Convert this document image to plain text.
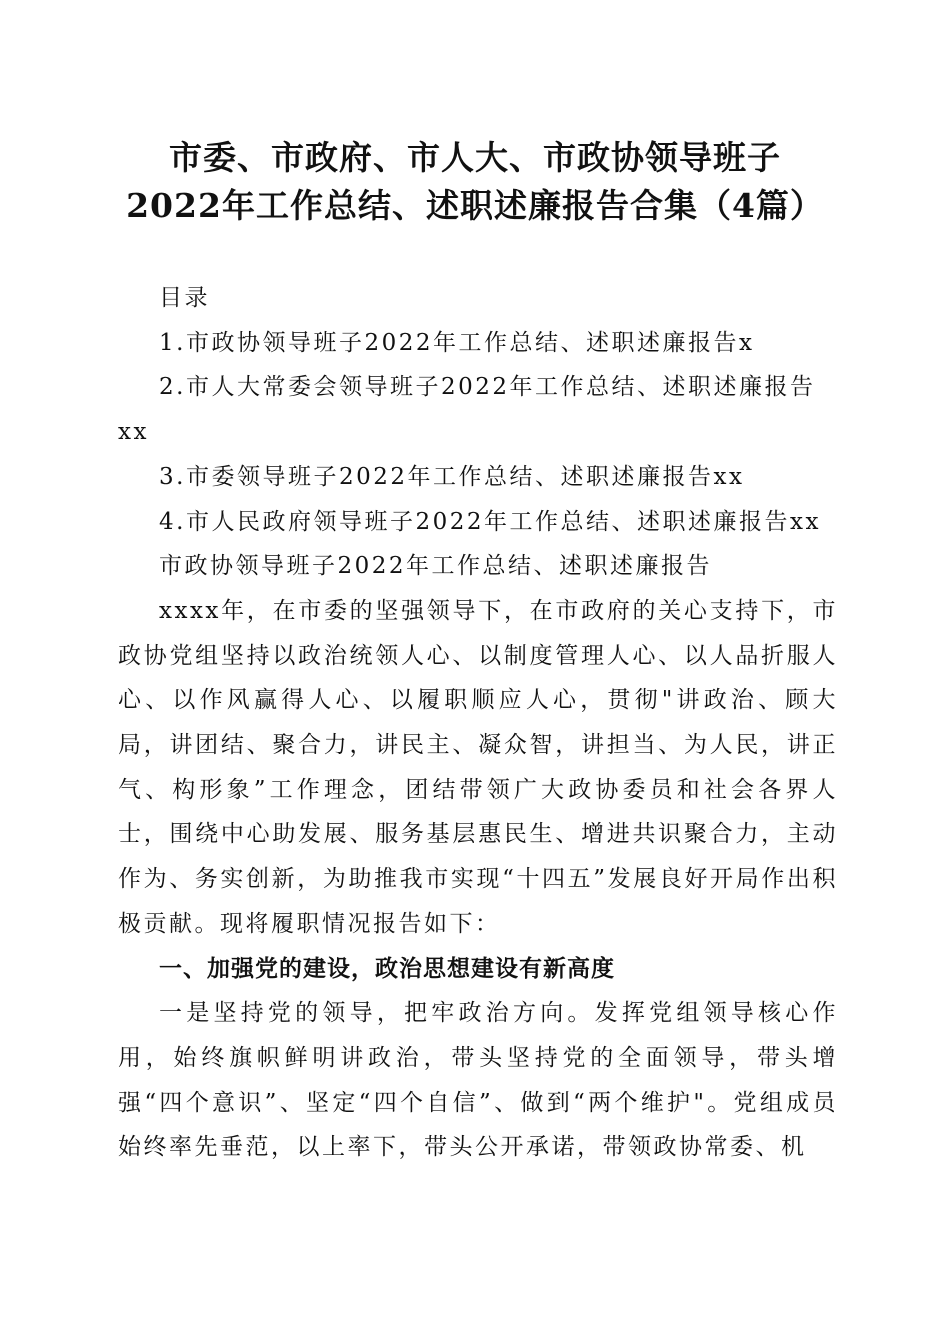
市委、市政府、市人大、市政协领导班子
2022年工作总结、述职述廉报告合集（4篇）

目录

1.市政协领导班子2022年工作总结、述职述廉报告x

2.市人大常委会领导班子2022年工作总结、述职述廉报告xx

3.市委领导班子2022年工作总结、述职述廉报告xx

4.市人民政府领导班子2022年工作总结、述职述廉报告xx

市政协领导班子2022年工作总结、述职述廉报告

xxxx年，在市委的坚强领导下，在市政府的关心支持下，市政协党组坚持以政治统领人心、以制度管理人心、以人品折服人心、以作风赢得人心、以履职顺应人心，贯彻"讲政治、顾大局，讲团结、聚合力，讲民主、凝众智，讲担当、为人民，讲正气、构形象”工作理念，团结带领广大政协委员和社会各界人士，围绕中心助发展、服务基层惠民生、增进共识聚合力，主动作为、务实创新，为助推我市实现“十四五”发展良好开局作出积极贡献。现将履职情况报告如下：

一、加强党的建设，政治思想建设有新高度

一是坚持党的领导，把牢政治方向。发挥党组领导核心作用，始终旗帜鲜明讲政治，带头坚持党的全面领导，带头增强“四个意识”、坚定“四个自信”、做到“两个维护"。党组成员始终率先垂范，以上率下，带头公开承诺，带领政协常委、机
